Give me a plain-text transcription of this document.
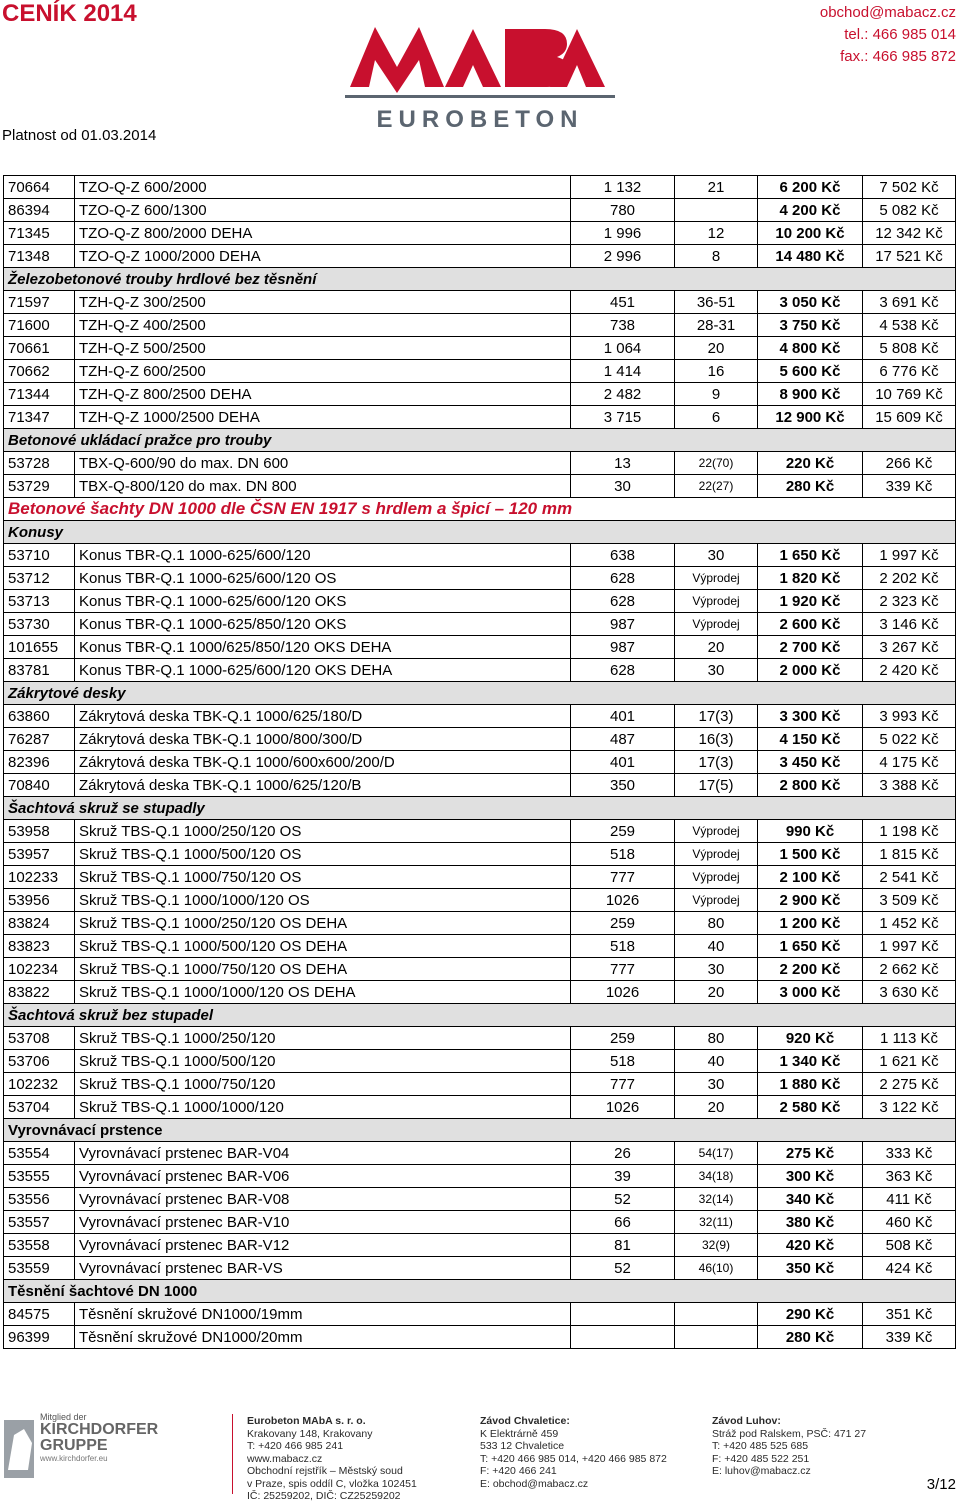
CENÍK 2014
Platnost od 01.03.2014
obchod@mabacz.cz
tel.: 466 985 014
fax.: 466 985 872
EUROBETON
70664	TZO-Q-Z 600/2000	1 132	21	6 200 Kč	7 502 Kč
86394	TZO-Q-Z 600/1300	780		4 200 Kč	5 082 Kč
71345	TZO-Q-Z 800/2000 DEHA	1 996	12	10 200 Kč	12 342 Kč
71348	TZO-Q-Z 1000/2000 DEHA	2 996	8	14 480 Kč	17 521 Kč
Železobetonové trouby hrdlové bez těsnění					
71597	TZH-Q-Z 300/2500	451	36-51	3 050 Kč	3 691 Kč
71600	TZH-Q-Z 400/2500	738	28-31	3 750 Kč	4 538 Kč
70661	TZH-Q-Z 500/2500	1 064	20	4 800 Kč	5 808 Kč
70662	TZH-Q-Z 600/2500	1 414	16	5 600 Kč	6 776 Kč
71344	TZH-Q-Z 800/2500 DEHA	2 482	9	8 900 Kč	10 769 Kč
71347	TZH-Q-Z 1000/2500 DEHA	3 715	6	12 900 Kč	15 609 Kč
Betonové ukládací pražce pro trouby					
53728	TBX-Q-600/90 do max. DN 600	13	22(70)	220 Kč	266 Kč
53729	TBX-Q-800/120 do max. DN 800	30	22(27)	280 Kč	339 Kč
Betonové šachty DN 1000 dle ČSN EN 1917 s hrdlem a špicí – 120 mm					
Konusy					
53710	Konus TBR-Q.1 1000-625/600/120	638	30	1 650 Kč	1 997 Kč
53712	Konus TBR-Q.1 1000-625/600/120 OS	628	Výprodej	1 820 Kč	2 202 Kč
53713	Konus TBR-Q.1 1000-625/600/120 OKS	628	Výprodej	1 920 Kč	2 323 Kč
53730	Konus TBR-Q.1 1000-625/850/120 OKS	987	Výprodej	2 600 Kč	3 146 Kč
101655	Konus TBR-Q.1 1000/625/850/120 OKS DEHA	987	20	2 700 Kč	3 267 Kč
83781	Konus TBR-Q.1 1000-625/600/120 OKS DEHA	628	30	2 000 Kč	2 420 Kč
Zákrytové desky					
63860	Zákrytová deska TBK-Q.1 1000/625/180/D	401	17(3)	3 300 Kč	3 993 Kč
76287	Zákrytová deska TBK-Q.1 1000/800/300/D	487	16(3)	4 150 Kč	5 022 Kč
82396	Zákrytová deska TBK-Q.1 1000/600x600/200/D	401	17(3)	3 450 Kč	4 175 Kč
70840	Zákrytová deska TBK-Q.1 1000/625/120/B	350	17(5)	2 800 Kč	3 388 Kč
Šachtová skruž se stupadly					
53958	Skruž TBS-Q.1 1000/250/120 OS	259	Výprodej	990 Kč	1 198 Kč
53957	Skruž TBS-Q.1 1000/500/120 OS	518	Výprodej	1 500 Kč	1 815 Kč
102233	Skruž TBS-Q.1 1000/750/120 OS	777	Výprodej	2 100 Kč	2 541 Kč
53956	Skruž TBS-Q.1 1000/1000/120 OS	1026	Výprodej	2 900 Kč	3 509 Kč
83824	Skruž TBS-Q.1 1000/250/120 OS DEHA	259	80	1 200 Kč	1 452 Kč
83823	Skruž TBS-Q.1 1000/500/120 OS DEHA	518	40	1 650 Kč	1 997 Kč
102234	Skruž TBS-Q.1 1000/750/120 OS DEHA	777	30	2 200 Kč	2 662 Kč
83822	Skruž TBS-Q.1 1000/1000/120 OS DEHA	1026	20	3 000 Kč	3 630 Kč
Šachtová skruž bez stupadel					
53708	Skruž TBS-Q.1 1000/250/120	259	80	920 Kč	1 113 Kč
53706	Skruž TBS-Q.1 1000/500/120	518	40	1 340 Kč	1 621 Kč
102232	Skruž TBS-Q.1 1000/750/120	777	30	1 880 Kč	2 275 Kč
53704	Skruž TBS-Q.1 1000/1000/120	1026	20	2 580 Kč	3 122 Kč
Vyrovnávací prstence					
53554	Vyrovnávací prstenec BAR-V04	26	54(17)	275 Kč	333 Kč
53555	Vyrovnávací prstenec BAR-V06	39	34(18)	300 Kč	363 Kč
53556	Vyrovnávací prstenec BAR-V08	52	32(14)	340 Kč	411 Kč
53557	Vyrovnávací prstenec BAR-V10	66	32(11)	380 Kč	460 Kč
53558	Vyrovnávací prstenec BAR-V12	81	32(9)	420 Kč	508 Kč
53559	Vyrovnávací prstenec BAR-VS	52	46(10)	350 Kč	424 Kč
Těsnění šachtové DN 1000					
84575	Těsnění skružové DN1000/19mm			290 Kč	351 Kč
96399	Těsnění skružové DN1000/20mm			280 Kč	339 Kč
Mitglied der
KIRCHDORFER
GRUPPE
www.kirchdorfer.eu
Eurobeton MAbA s. r. o.
Krakovany 148, Krakovany
T: +420 466 985 241
www.mabacz.cz
Obchodní rejstřík – Městský soud
v Praze, spis oddíl C, vložka 102451
IČ: 25259202, DIČ: CZ25259202
Závod Chvaletice:
K Elektrárně 459
533 12 Chvaletice
T: +420 466 985 014, +420 466 985 872
F: +420 466 241
E: obchod@mabacz.cz
Závod Luhov:
Stráž pod Ralskem, PSČ: 471 27
T: +420 485 525 685
F: +420 485 522 251
E: luhov@mabacz.cz
3/12
